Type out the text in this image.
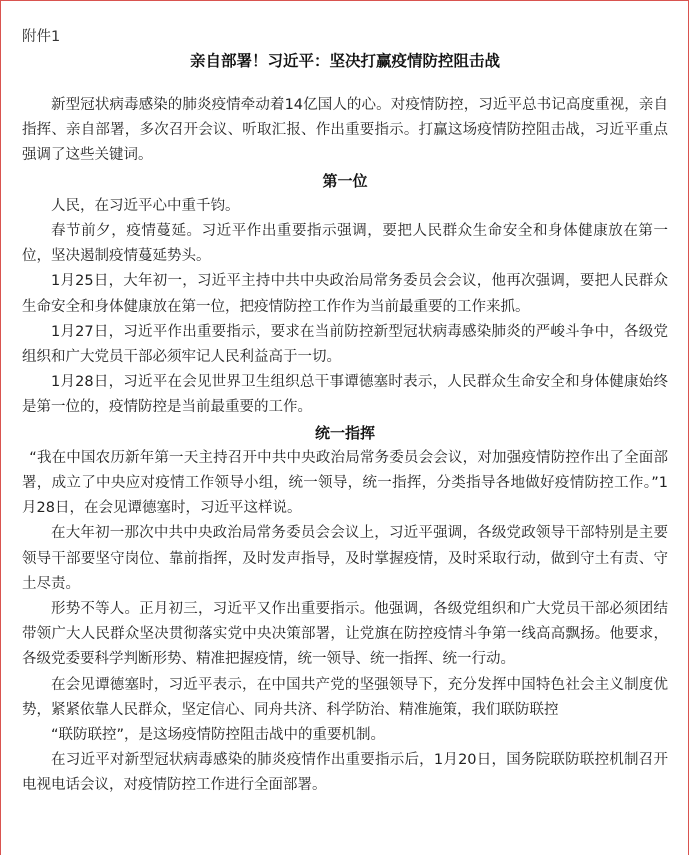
附件1
亲自部署！习近平：坚决打赢疫情防控阻击战

新型冠状病毒感染的肺炎疫情牵动着14亿国人的心。对疫情防控，习近平总书记高度重视，亲自指挥、亲自部署，多次召开会议、听取汇报、作出重要指示。打赢这场疫情防控阻击战，习近平重点强调了这些关键词。

第一位

人民，在习近平心中重千钧。

春节前夕，疫情蔓延。习近平作出重要指示强调，要把人民群众生命安全和身体健康放在第一位，坚决遏制疫情蔓延势头。

1月25日，大年初一，习近平主持中共中央政治局常务委员会会议，他再次强调，要把人民群众生命安全和身体健康放在第一位，把疫情防控工作作为当前最重要的工作来抓。

1月27日，习近平作出重要指示，要求在当前防控新型冠状病毒感染肺炎的严峻斗争中，各级党组织和广大党员干部必须牢记人民利益高于一切。

1月28日，习近平在会见世界卫生组织总干事谭德塞时表示，人民群众生命安全和身体健康始终是第一位的，疫情防控是当前最重要的工作。

统一指挥

“我在中国农历新年第一天主持召开中共中央政治局常务委员会会议，对加强疫情防控作出了全面部署，成立了中央应对疫情工作领导小组，统一领导，统一指挥，分类指导各地做好疫情防控工作。”1月28日，在会见谭德塞时，习近平这样说。

在大年初一那次中共中央政治局常务委员会会议上，习近平强调，各级党政领导干部特别是主要领导干部要坚守岗位、靠前指挥，及时发声指导，及时掌握疫情，及时采取行动，做到守土有责、守土尽责。

形势不等人。正月初三，习近平又作出重要指示。他强调，各级党组织和广大党员干部必须团结带领广大人民群众坚决贯彻落实党中央决策部署，让党旗在防控疫情斗争第一线高高飘扬。他要求，各级党委要科学判断形势、精准把握疫情，统一领导、统一指挥、统一行动。

在会见谭德塞时，习近平表示，在中国共产党的坚强领导下，充分发挥中国特色社会主义制度优势，紧紧依靠人民群众，坚定信心、同舟共济、科学防治、精准施策，我们联防联控

“联防联控”，是这场疫情防控阻击战中的重要机制。

在习近平对新型冠状病毒感染的肺炎疫情作出重要指示后，1月20日，国务院联防联控机制召开电视电话会议，对疫情防控工作进行全面部署。
